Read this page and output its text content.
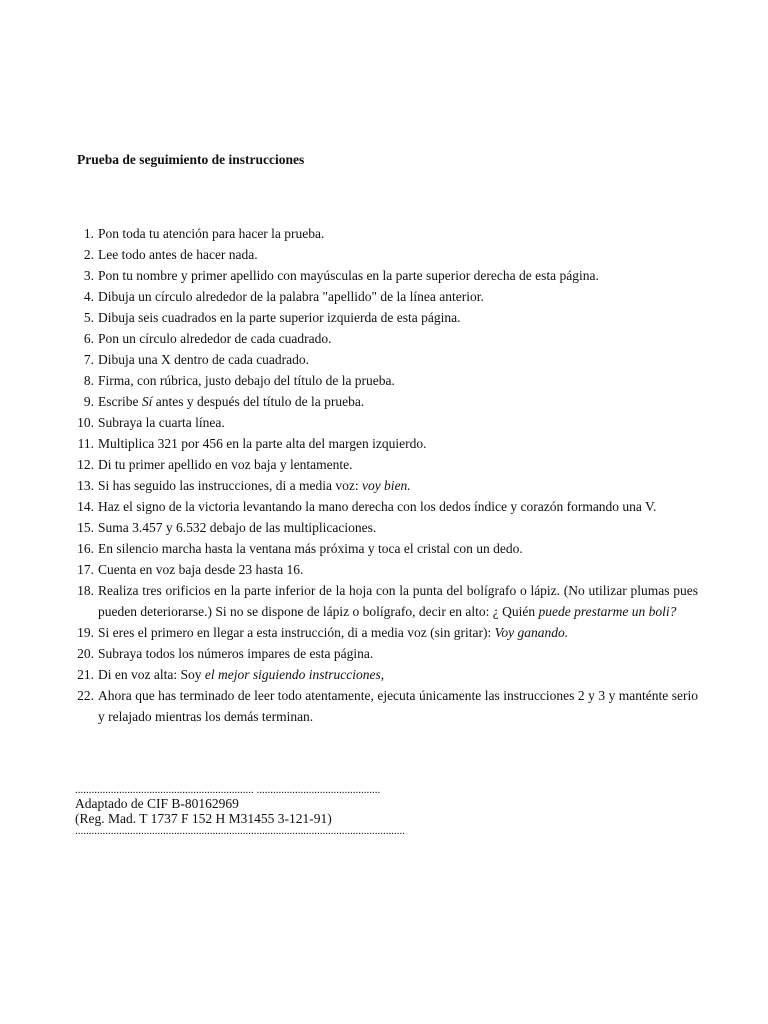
Prueba de seguimiento de instrucciones
1. Pon toda tu atención para hacer la prueba.
2. Lee todo antes de hacer nada.
3. Pon tu nombre y primer apellido con mayúsculas en la parte superior derecha de esta página.
4. Dibuja un círculo alrededor de la palabra "apellido" de la línea anterior.
5. Dibuja seis cuadrados en la parte superior izquierda de esta página.
6. Pon un círculo alrededor de cada cuadrado.
7. Dibuja una X dentro de cada cuadrado.
8. Firma, con rúbrica, justo debajo del título de la prueba.
9. Escribe Sí antes y después del título de la prueba.
10. Subraya la cuarta línea.
11. Multiplica 321 por 456 en la parte alta del margen izquierdo.
12. Di tu primer apellido en voz baja y lentamente.
13. Si has seguido las instrucciones, di a media voz: voy bien.
14. Haz el signo de la victoria levantando la mano derecha con los dedos índice y corazón formando una V.
15. Suma 3.457 y 6.532 debajo de las multiplicaciones.
16. En silencio marcha hasta la ventana más próxima y toca el cristal con un dedo.
17. Cuenta en voz baja desde 23 hasta 16.
18. Realiza tres orificios en la parte inferior de la hoja con la punta del bolígrafo o lápiz. (No utilizar plumas pues pueden deteriorarse.) Si no se dispone de lápiz o bolígrafo, decir en alto: ¿ Quién puede prestarme un boli?
19. Si eres el primero en llegar a esta instrucción, di a media voz (sin gritar): Voy ganando.
20. Subraya todos los números impares de esta página.
21. Di en voz alta: Soy el mejor siguiendo instrucciones,
22. Ahora que has terminado de leer todo atentamente, ejecuta únicamente las instrucciones 2 y 3 y manténte serio y relajado mientras los demás terminan.
................................................................. .............................................
Adaptado de CIF B-80162969
(Reg. Mad. T 1737 F 152 H M31455 3-121-91)
........................................................................................................................
